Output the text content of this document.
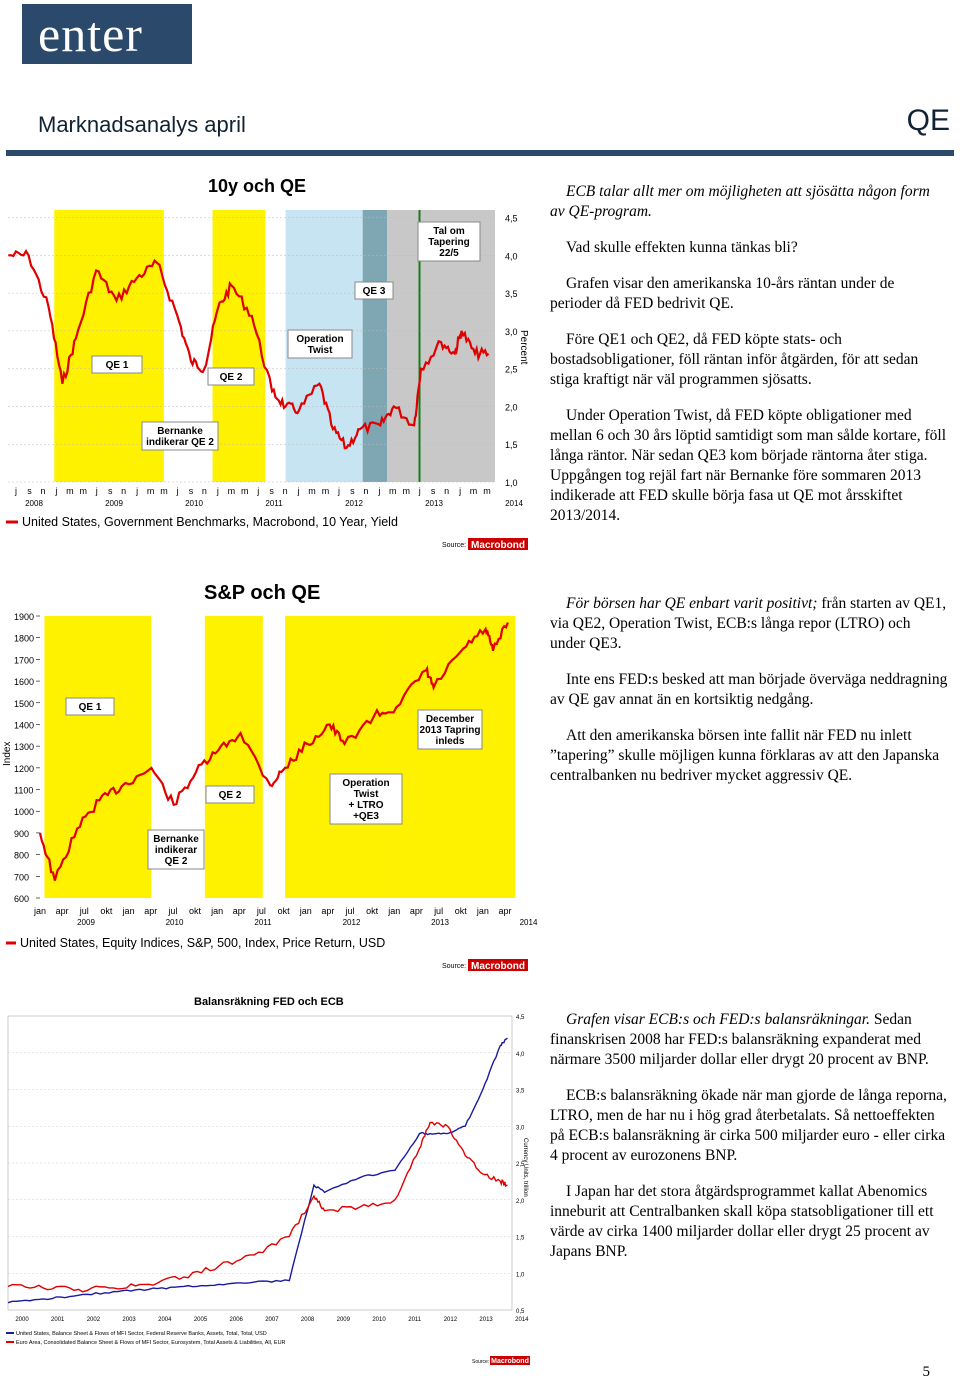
enter
Marknadsanalys april	QE
10y och QE
4,5
4,0
3,5
3,0
2,5
2,0
1,5
1,0
Percent
QE 1
QE 2
Operation
Twist
QE 3
Tal om
Tapering
22/5
Bernanke
indikerar QE 2
j s n j m m j s n j m m j s n j m m j s n j m m j s n j m m j s n j m m
2008	2009	2010	2011	2012	2013	2014
United States, Government Benchmarks, Macrobond, 10 Year, Yield
Source: Macrobond
S&P och QE
1900
1800
1700
1600
1500
1400
1300
1200
1100
1000
900
800
700
600
Index
QE 1
QE 2
Bernanke
indikerar
QE 2
Operation
Twist
+ LTRO
+QE3
December
2013 Tapring
inleds
jan apr jul okt jan apr jul okt jan apr jul okt jan apr jul okt jan apr jul okt jan apr
2009	2010	2011	2012	2013	2014
United States, Equity Indices, S&P, 500, Index, Price Return, USD
Source: Macrobond
Balansräkning FED och ECB
4,5
4,0
3,5
3,0
2,5
2,0
1,5
1,0
0,5
Currency Units, trillion
2000	2001	2002	2003	2004	2005	2006	2007	2008	2009	2010	2011	2012	2013	2014
United States, Balance Sheet & Flows of MFI Sector, Federal Reserve Banks, Assets, Total, Total, USD
Euro Area, Consolidated Balance Sheet & Flows of MFI Sector, Eurosystem, Total Assets & Liabilities, All, EUR
Source: Macrobond

ECB talar allt mer om möjligheten att sjösätta någon form av QE-program.

Vad skulle effekten kunna tänkas bli?

Grafen visar den amerikanska 10-års räntan under de perioder då FED bedrivit QE.

Före QE1 och QE2, då FED köpte stats- och bostadsobligationer, föll räntan inför åtgärden, för att sedan stiga kraftigt när väl programmen sjösatts.

Under Operation Twist, då FED köpte obligationer med mellan 6 och 30 års löptid samtidigt som man sålde kortare, föll långa räntor. När sedan QE3 kom började räntorna åter stiga. Uppgången tog rejäl fart när Bernanke före sommaren 2013 indikerade att FED skulle börja fasa ut QE mot årsskiftet 2013/2014.

För börsen har QE enbart varit positivt; från starten av QE1, via QE2, Operation Twist, ECB:s långa repor (LTRO) och under QE3.

Inte ens FED:s besked att man började överväga neddragning av QE gav annat än en kortsiktig nedgång.

Att den amerikanska börsen inte fallit när FED nu inlett ”tapering” skulle möjligen kunna förklaras av att den Japanska centralbanken nu bedriver mycket aggressiv QE.

Grafen visar ECB:s och FED:s balansräkningar. Sedan finanskrisen 2008 har FED:s balansräkning expanderat med närmare 3500 miljarder dollar eller drygt 20 procent av BNP.

ECB:s balansräkning ökade när man gjorde de långa reporna, LTRO, men de har nu i hög grad återbetalats. Så nettoeffekten på ECB:s balansräkning är cirka 500 miljarder euro - eller cirka 4 procent av eurozonens BNP.

I Japan har det stora åtgärdsprogrammet kallat Abenomics inneburit att Centralbanken skall köpa statsobligationer till ett värde av cirka 1400 miljarder dollar eller drygt 25 procent av Japans BNP.

5
